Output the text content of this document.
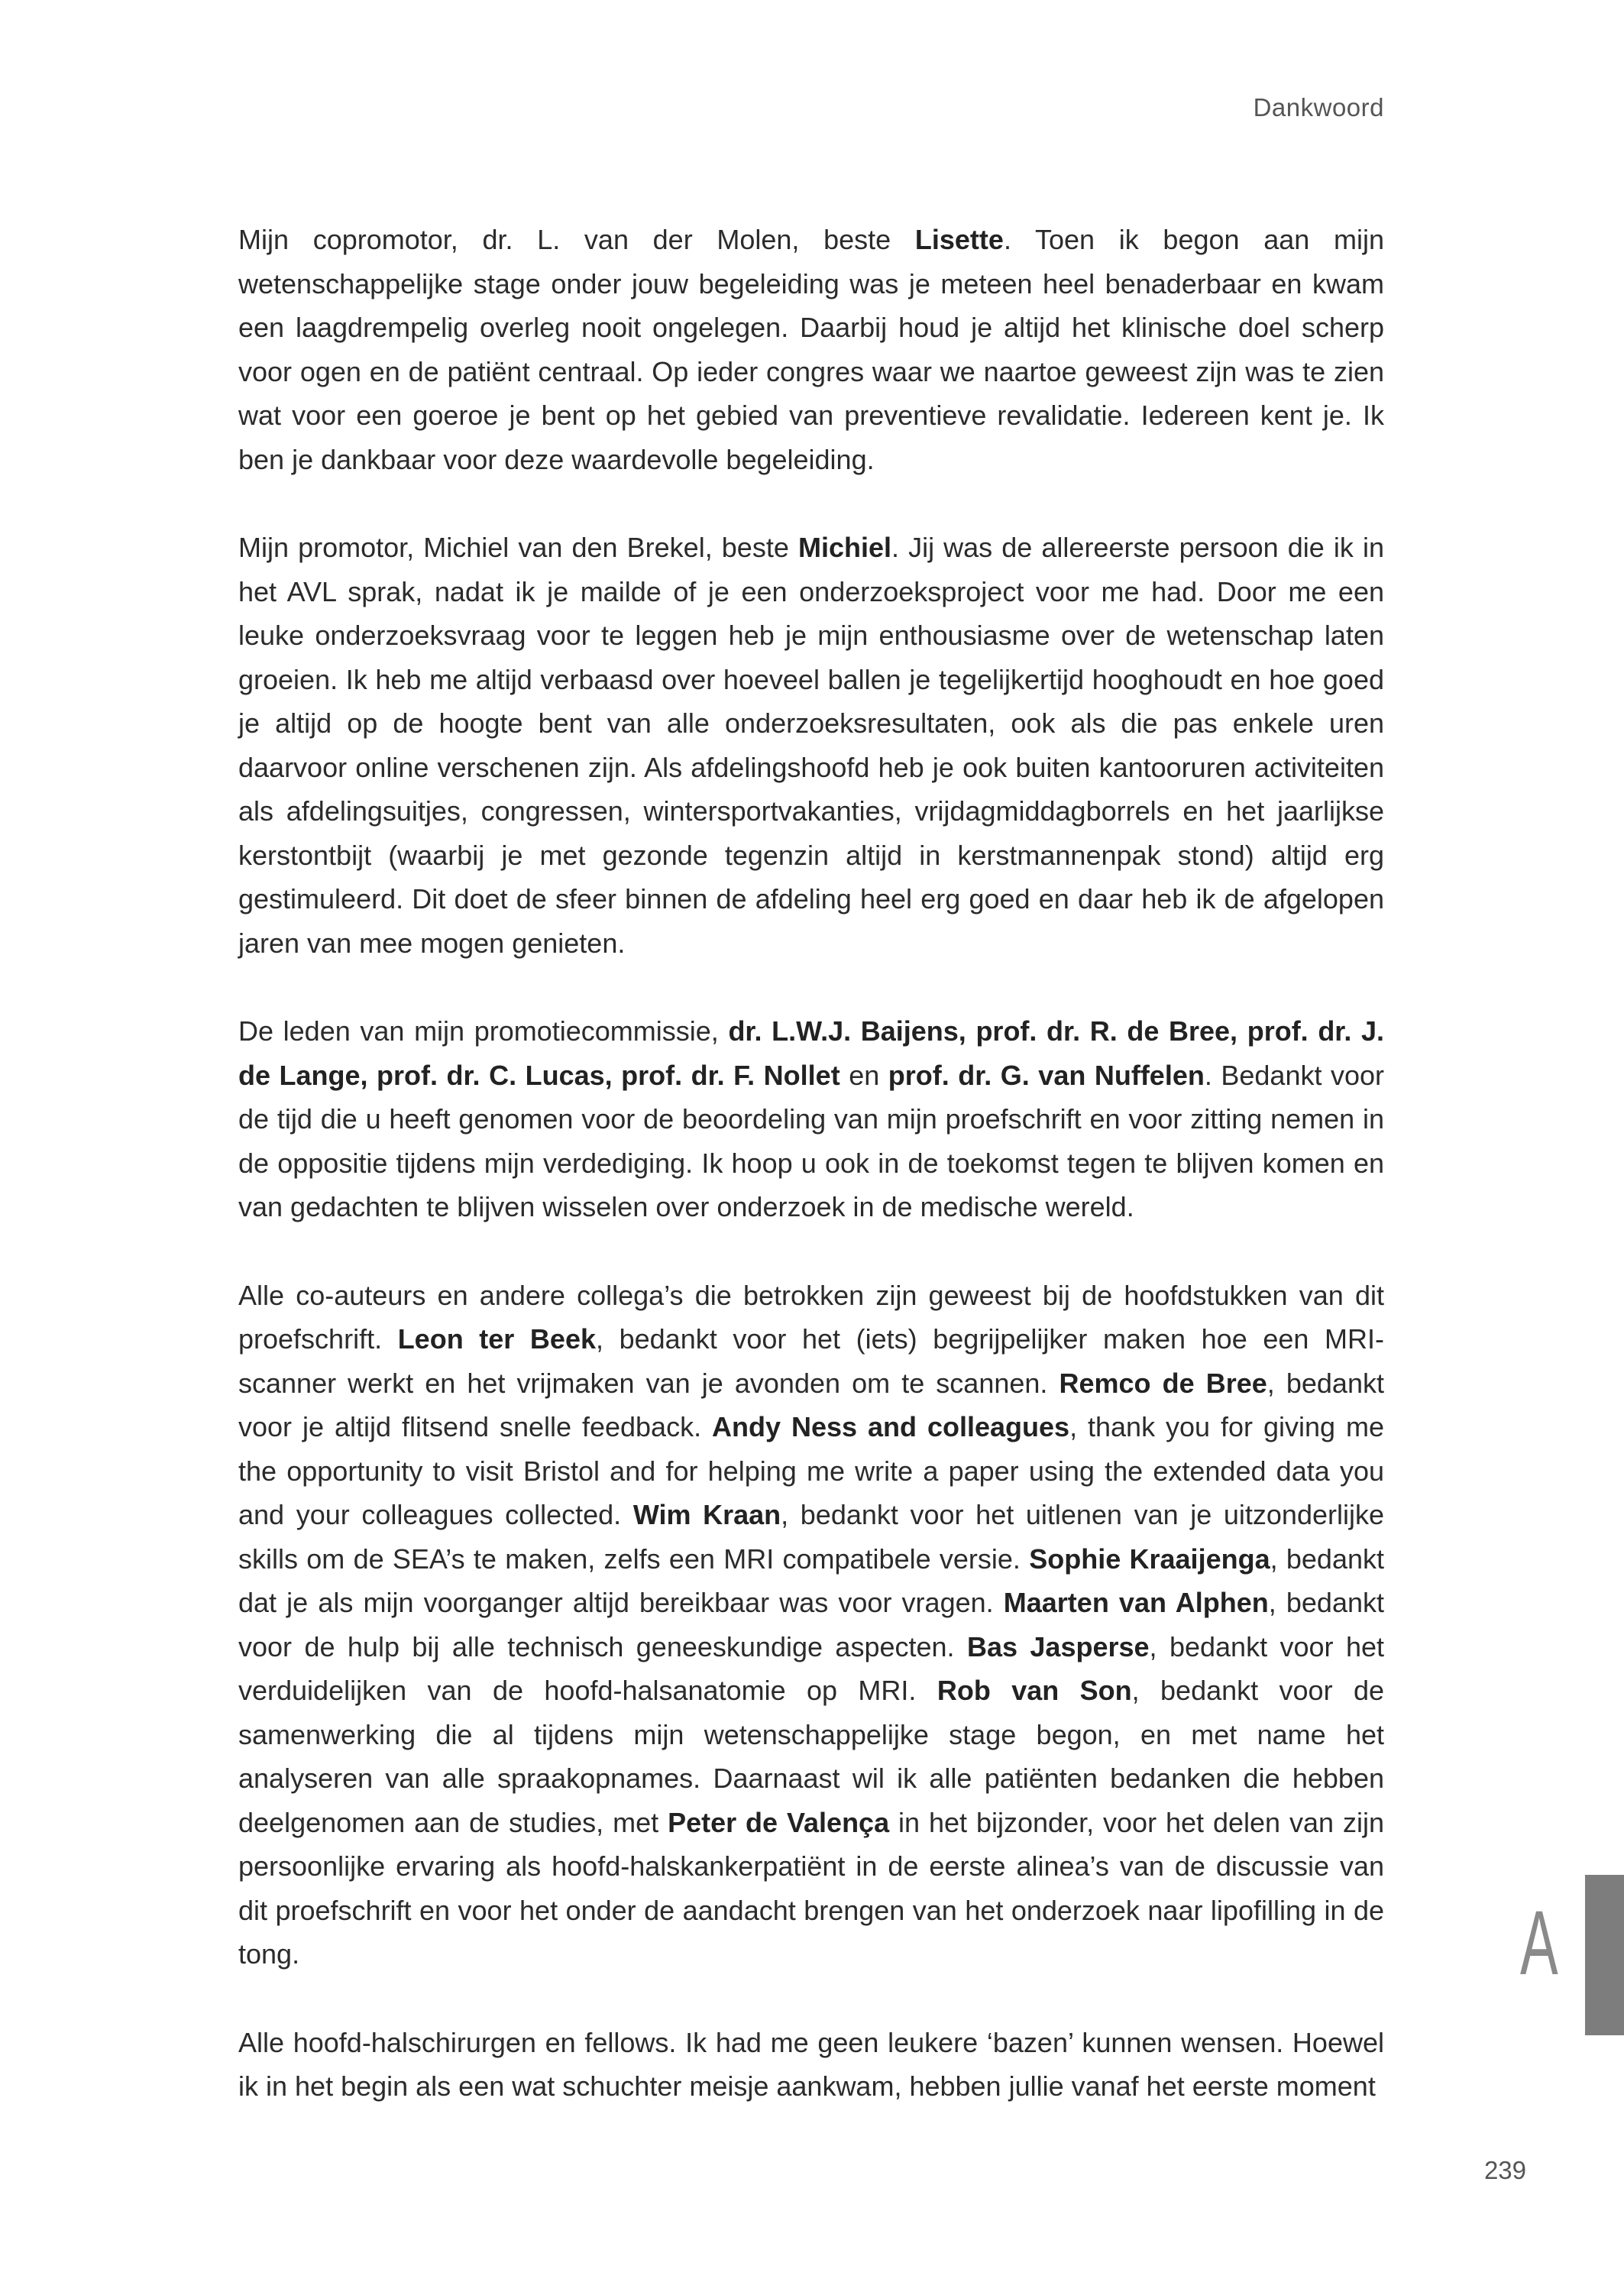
Dankwoord

Mijn copromotor, dr. L. van der Molen, beste Lisette. Toen ik begon aan mijn wetenschappelijke stage onder jouw begeleiding was je meteen heel benaderbaar en kwam een laagdrempelig overleg nooit ongelegen. Daarbij houd je altijd het klinische doel scherp voor ogen en de patiënt centraal. Op ieder congres waar we naartoe geweest zijn was te zien wat voor een goeroe je bent op het gebied van preventieve revalidatie. Iedereen kent je. Ik ben je dankbaar voor deze waardevolle begeleiding.

Mijn promotor, Michiel van den Brekel, beste Michiel. Jij was de allereerste persoon die ik in het AVL sprak, nadat ik je mailde of je een onderzoeksproject voor me had. Door me een leuke onderzoeksvraag voor te leggen heb je mijn enthousiasme over de wetenschap laten groeien. Ik heb me altijd verbaasd over hoeveel ballen je tegelijkertijd hooghoudt en hoe goed je altijd op de hoogte bent van alle onderzoeksresultaten, ook als die pas enkele uren daarvoor online verschenen zijn. Als afdelingshoofd heb je ook buiten kantooruren activiteiten als afdelingsuitjes, congressen, wintersportvakanties, vrijdagmiddagborrels en het jaarlijkse kerstontbijt (waarbij je met gezonde tegenzin altijd in kerstmannenpak stond) altijd erg gestimuleerd. Dit doet de sfeer binnen de afdeling heel erg goed en daar heb ik de afgelopen jaren van mee mogen genieten.

De leden van mijn promotiecommissie, dr. L.W.J. Baijens, prof. dr. R. de Bree, prof. dr. J. de Lange, prof. dr. C. Lucas, prof. dr. F. Nollet en prof. dr. G. van Nuffelen. Bedankt voor de tijd die u heeft genomen voor de beoordeling van mijn proefschrift en voor zitting nemen in de oppositie tijdens mijn verdediging. Ik hoop u ook in de toekomst tegen te blijven komen en van gedachten te blijven wisselen over onderzoek in de medische wereld.

Alle co-auteurs en andere collega’s die betrokken zijn geweest bij de hoofdstukken van dit proefschrift. Leon ter Beek, bedankt voor het (iets) begrijpelijker maken hoe een MRI-scanner werkt en het vrijmaken van je avonden om te scannen. Remco de Bree, bedankt voor je altijd flitsend snelle feedback. Andy Ness and colleagues, thank you for giving me the opportunity to visit Bristol and for helping me write a paper using the extended data you and your colleagues collected. Wim Kraan, bedankt voor het uitlenen van je uitzonderlijke skills om de SEA’s te maken, zelfs een MRI compatibele versie. Sophie Kraaijenga, bedankt dat je als mijn voorganger altijd bereikbaar was voor vragen. Maarten van Alphen, bedankt voor de hulp bij alle technisch geneeskundige aspecten. Bas Jasperse, bedankt voor het verduidelijken van de hoofd-halsanatomie op MRI. Rob van Son, bedankt voor de samenwerking die al tijdens mijn wetenschappelijke stage begon, en met name het analyseren van alle spraakopnames. Daarnaast wil ik alle patiënten bedanken die hebben deelgenomen aan de studies, met Peter de Valença in het bijzonder, voor het delen van zijn persoonlijke ervaring als hoofd-halskankerpatiënt in de eerste alinea’s van de discussie van dit proefschrift en voor het onder de aandacht brengen van het onderzoek naar lipofilling in de tong.

Alle hoofd-halschirurgen en fellows. Ik had me geen leukere ‘bazen’ kunnen wensen. Hoewel ik in het begin als een wat schuchter meisje aankwam, hebben jullie vanaf het eerste moment

A
239
